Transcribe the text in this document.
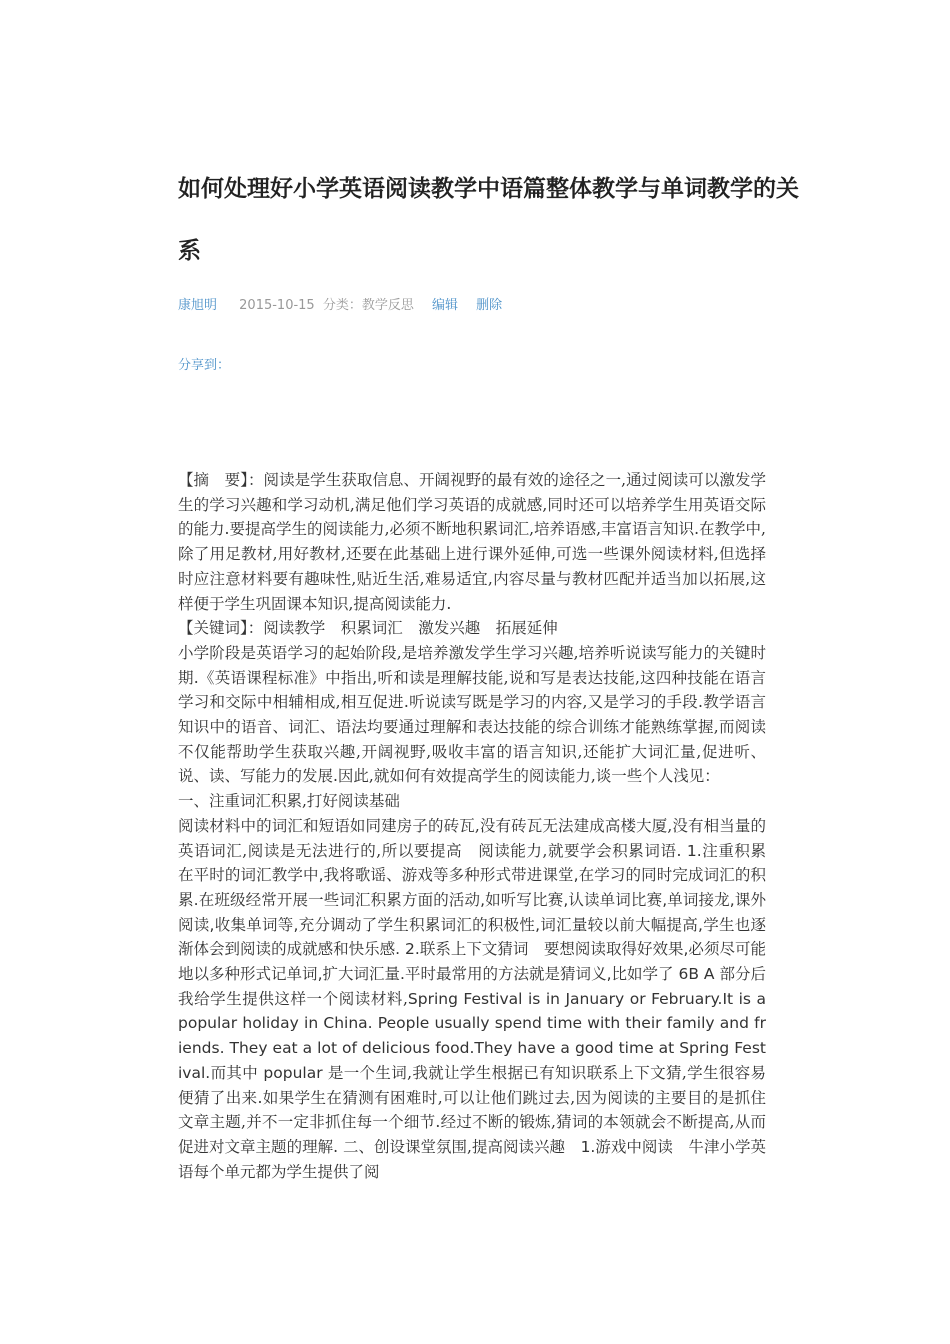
如何处理好小学英语阅读教学中语篇整体教学与单词教学的关系
康旭明 2015-10-15 分类：教学反思 编辑 删除
分享到：

【摘　要】：阅读是学生获取信息、开阔视野的最有效的途径之一,通过阅读可以激发学生的学习兴趣和学习动机,满足他们学习英语的成就感,同时还可以培养学生用英语交际的能力.要提高学生的阅读能力,必须不断地积累词汇,培养语感,丰富语言知识.在教学中,除了用足教材,用好教材,还要在此基础上进行课外延伸,可选一些课外阅读材料,但选择时应注意材料要有趣味性,贴近生活,难易适宜,内容尽量与教材匹配并适当加以拓展,这样便于学生巩固课本知识,提高阅读能力.

【关键词】：阅读教学　积累词汇　激发兴趣　拓展延伸

小学阶段是英语学习的起始阶段,是培养激发学生学习兴趣,培养听说读写能力的关键时期.《英语课程标准》中指出,听和读是理解技能,说和写是表达技能,这四种技能在语言学习和交际中相辅相成,相互促进.听说读写既是学习的内容,又是学习的手段.教学语言知识中的语音、词汇、语法均要通过理解和表达技能的综合训练才能熟练掌握,而阅读不仅能帮助学生获取兴趣,开阔视野,吸收丰富的语言知识,还能扩大词汇量,促进听、说、读、写能力的发展.因此,就如何有效提高学生的阅读能力,谈一些个人浅见：

一、注重词汇积累,打好阅读基础

阅读材料中的词汇和短语如同建房子的砖瓦,没有砖瓦无法建成高楼大厦,没有相当量的英语词汇,阅读是无法进行的,所以要提高　阅读能力,就要学会积累词语. 1.注重积累　在平时的词汇教学中,我将歌谣、游戏等多种形式带进课堂,在学习的同时完成词汇的积累.在班级经常开展一些词汇积累方面的活动,如听写比赛,认读单词比赛,单词接龙,课外阅读,收集单词等,充分调动了学生积累词汇的积极性,词汇量较以前大幅提高,学生也逐渐体会到阅读的成就感和快乐感. 2.联系上下文猜词　要想阅读取得好效果,必须尽可能地以多种形式记单词,扩大词汇量.平时最常用的方法就是猜词义,比如学了 6B A 部分后我给学生提供这样一个阅读材料,Spring Festival is in January or February.It is a popular holiday in China. People usually spend time with their family and friends. They eat a lot of delicious food.They have a good time at Spring Festival.而其中 popular 是一个生词,我就让学生根据已有知识联系上下文猜,学生很容易便猜了出来.如果学生在猜测有困难时,可以让他们跳过去,因为阅读的主要目的是抓住文章主题,并不一定非抓住每一个细节.经过不断的锻炼,猜词的本领就会不断提高,从而促进对文章主题的理解. 二、创设课堂氛围,提高阅读兴趣　1.游戏中阅读　牛津小学英语每个单元都为学生提供了阅
